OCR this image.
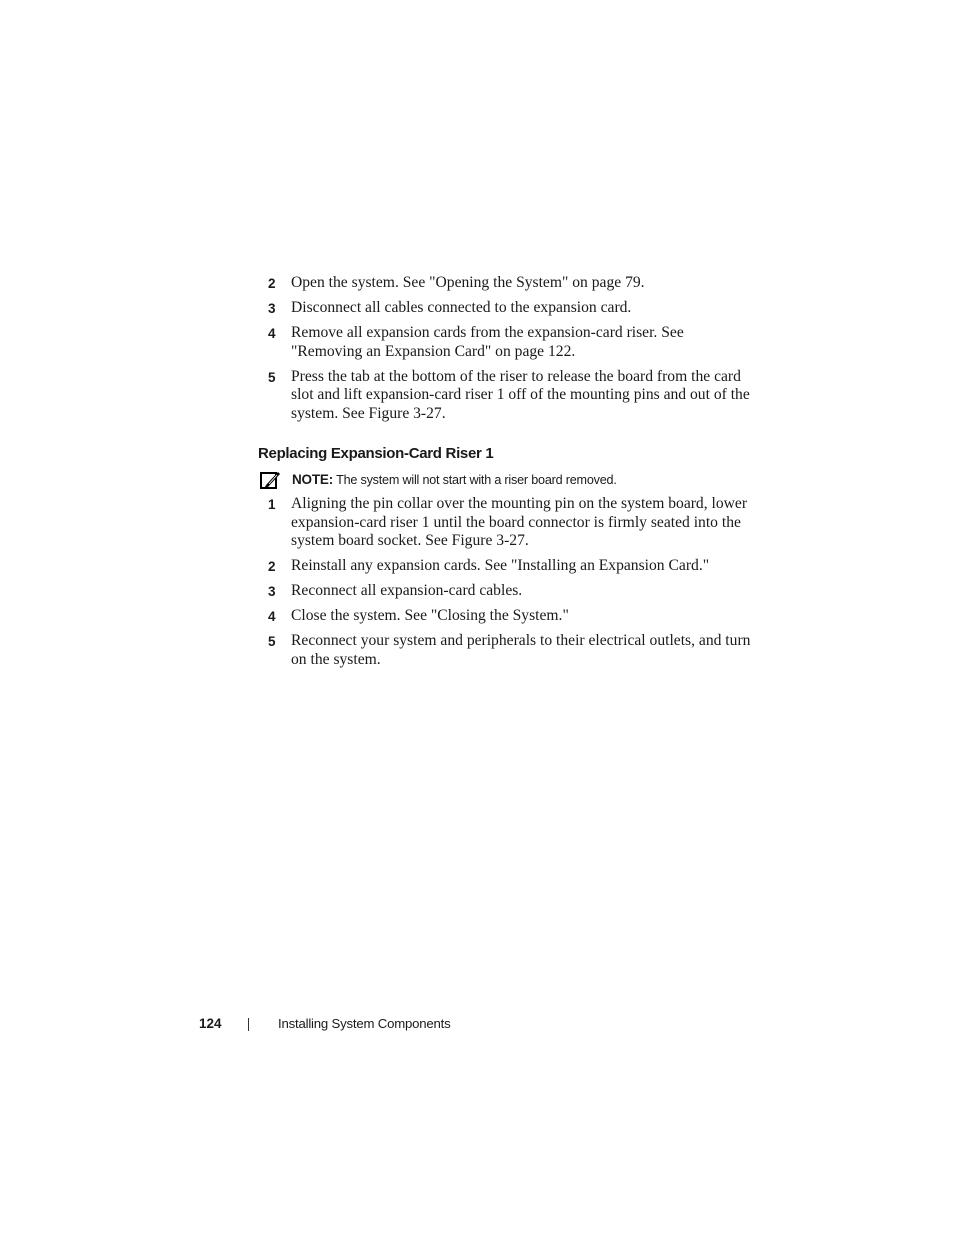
2 Open the system. See "Opening the System" on page 79.
3 Disconnect all cables connected to the expansion card.
4 Remove all expansion cards from the expansion-card riser. See "Removing an Expansion Card" on page 122.
5 Press the tab at the bottom of the riser to release the board from the card slot and lift expansion-card riser 1 off of the mounting pins and out of the system. See Figure 3-27.
Replacing Expansion-Card Riser 1
NOTE: The system will not start with a riser board removed.
1 Aligning the pin collar over the mounting pin on the system board, lower expansion-card riser 1 until the board connector is firmly seated into the system board socket. See Figure 3-27.
2 Reinstall any expansion cards. See "Installing an Expansion Card."
3 Reconnect all expansion-card cables.
4 Close the system. See "Closing the System."
5 Reconnect your system and peripherals to their electrical outlets, and turn on the system.
124	Installing System Components
